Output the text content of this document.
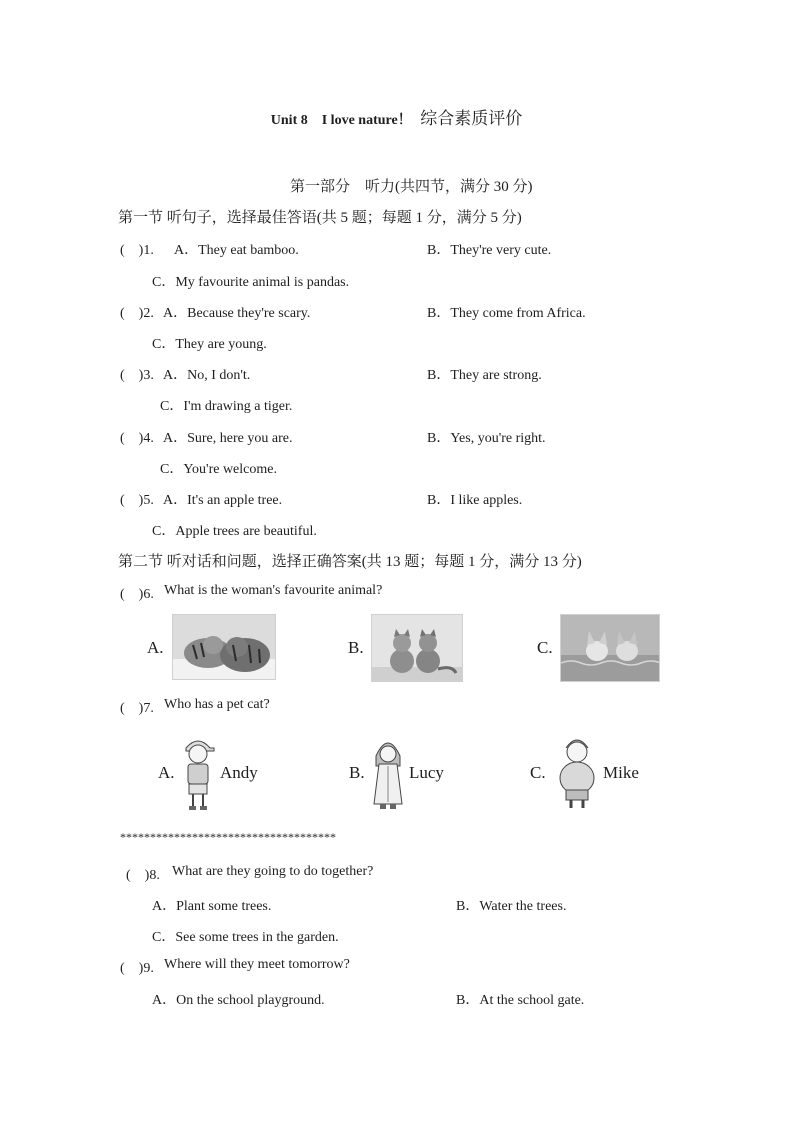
Unit 8 I love nature！ 综合素质评价
第一部分　听力(共四节，满分 30 分)
第一节 听句子，选择最佳答语(共 5 题；每题 1 分，满分 5 分)
(　)1. A．They eat bamboo.	B．They're very cute.
C．My favourite animal is pandas.
(　)2. A．Because they're scary.	B．They come from Africa.
C．They are young.
(　)3. A．No, I don't.	B．They are strong.
C．I'm drawing a tiger.
(　)4. A．Sure, here you are.	B．Yes, you're right.
C．You're welcome.
(　)5. A．It's an apple tree.	B．I like apples.
C．Apple trees are beautiful.
第二节 听对话和问题，选择正确答案(共 13 题；每题 1 分，满分 13 分)
(　)6. What is the woman's favourite animal?
A.	B.	C.
(　)7. Who has a pet cat?
A.	Andy	B.	Lucy	C.	Mike
************************************
(　)8. What are they going to do together?
A．Plant some trees.	B．Water the trees.
C．See some trees in the garden.
(　)9. Where will they meet tomorrow?
A．On the school playground.	B．At the school gate.
